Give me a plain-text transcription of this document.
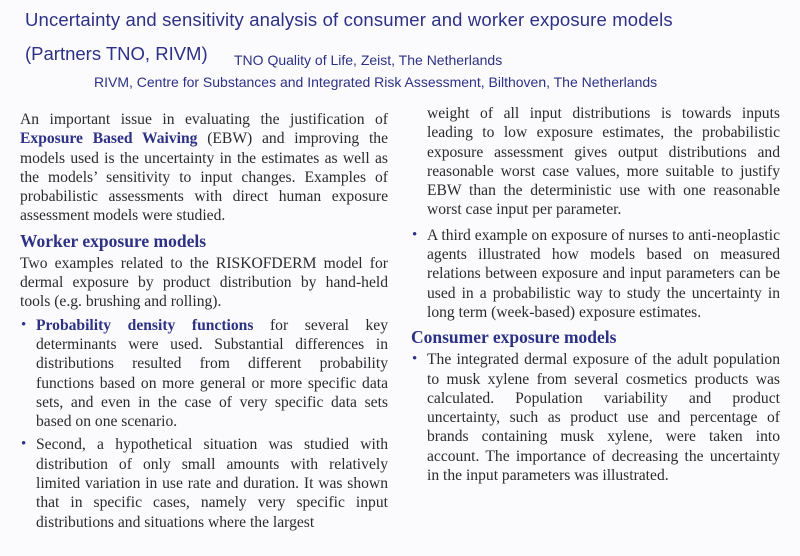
Uncertainty and sensitivity analysis of consumer and worker exposure models
(Partners TNO, RIVM) TNO Quality of Life, Zeist, The Netherlands
RIVM, Centre for Substances and Integrated Risk Assessment, Bilthoven, The Netherlands

An important issue in evaluating the justification of Exposure Based Waiving (EBW) and improving the models used is the uncertainty in the estimates as well as the models’ sensitivity to input changes. Examples of probabilistic assessments with direct human exposure assessment models were studied.

Worker exposure models

Two examples related to the RISKOFDERM model for dermal exposure by product distribution by hand-held tools (e.g. brushing and rolling).

• Probability density functions for several key determinants were used. Substantial differences in distributions resulted from different probability functions based on more general or more specific data sets, and even in the case of very specific data sets based on one scenario.
• Second, a hypothetical situation was studied with distribution of only small amounts with relatively limited variation in use rate and duration. It was shown that in specific cases, namely very specific input distributions and situations where the largest
weight of all input distributions is towards inputs leading to low exposure estimates, the probabilistic exposure assessment gives output distributions and reasonable worst case values, more suitable to justify EBW than the deterministic use with one reasonable worst case input per parameter.
• A third example on exposure of nurses to anti-neoplastic agents illustrated how models based on measured relations between exposure and input parameters can be used in a probabilistic way to study the uncertainty in long term (week-based) exposure estimates.
Consumer exposure models
• The integrated dermal exposure of the adult population to musk xylene from several cosmetics products was calculated. Population variability and product uncertainty, such as product use and percentage of brands containing musk xylene, were taken into account. The importance of decreasing the uncertainty in the input parameters was illustrated.
